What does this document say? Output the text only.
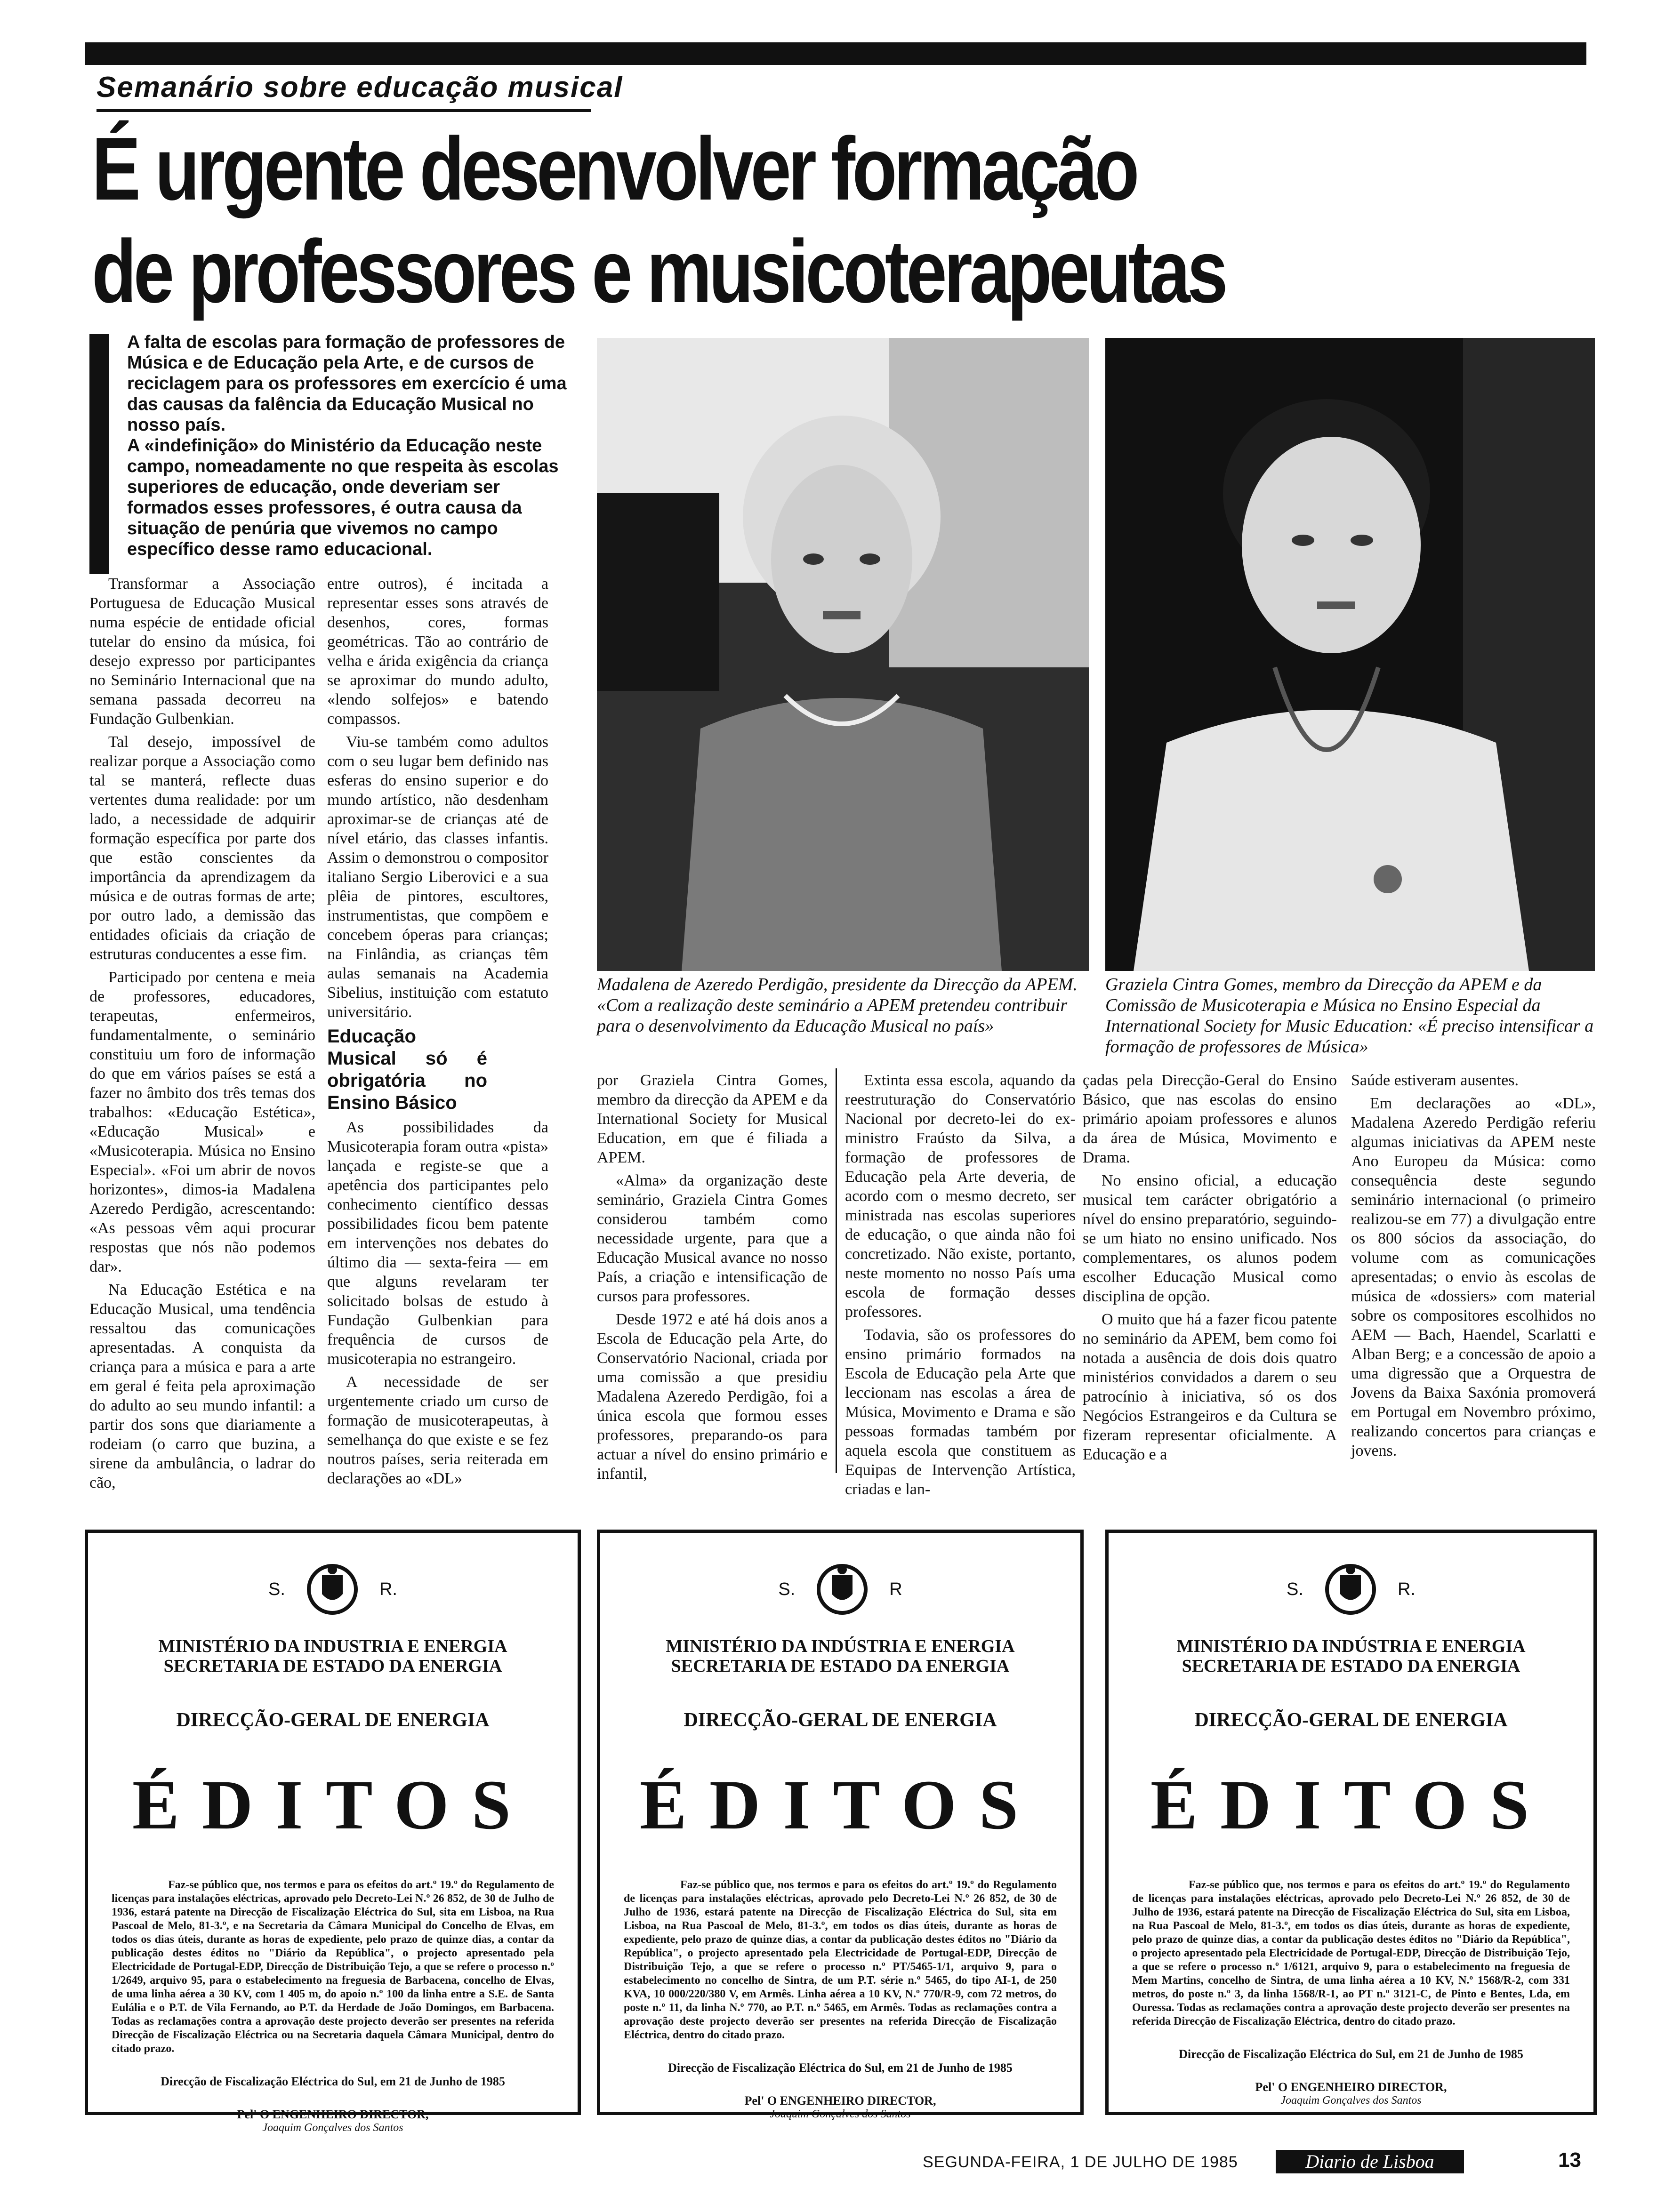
Semanário sobre educação musical
É urgente desenvolver formação
de professores e musicoterapeutas

A falta de escolas para formação de professores de Música e de Educação pela Arte, e de cursos de reciclagem para os professores em exercício é uma das causas da falência da Educação Musical no nosso país.

A «indefinição» do Ministério da Educação neste campo, nomeadamente no que respeita às escolas superiores de educação, onde deveriam ser formados esses professores, é outra causa da situação de penúria que vivemos no campo específico desse ramo educacional.

Transformar a Associação Portuguesa de Educação Musical numa espécie de entidade oficial tutelar do ensino da música, foi desejo expresso por participantes no Seminário Internacional que na semana passada decorreu na Fundação Gulbenkian.

Tal desejo, impossível de realizar porque a Associação como tal se manterá, reflecte duas vertentes duma realidade: por um lado, a necessidade de adquirir formação específica por parte dos que estão conscientes da importância da aprendizagem da música e de outras formas de arte; por outro lado, a demissão das entidades oficiais da criação de estruturas conducentes a esse fim.

Participado por centena e meia de professores, educadores, terapeutas, enfermeiros, fundamentalmente, o seminário constituiu um foro de informação do que em vários países se está a fazer no âmbito dos três temas dos trabalhos: «Educação Estética», «Educação Musical» e «Musicoterapia. Música no Ensino Especial». «Foi um abrir de novos horizontes», dimos-ia Madalena Azeredo Perdigão, acrescentando: «As pessoas vêm aqui procurar respostas que nós não podemos dar».

Na Educação Estética e na Educação Musical, uma tendência ressaltou das comunicações apresentadas. A conquista da criança para a música e para a arte em geral é feita pela aproximação do adulto ao seu mundo infantil: a partir dos sons que diariamente a rodeiam (o carro que buzina, a sirene da ambulância, o ladrar do cão,

entre outros), é incitada a representar esses sons através de desenhos, cores, formas geométricas. Tão ao contrário de velha e árida exigência da criança se aproximar do mundo adulto, «lendo solfejos» e batendo compassos.

Viu-se também como adultos com o seu lugar bem definido nas esferas do ensino superior e do mundo artístico, não desdenham aproximar-se de crianças até de nível etário, das classes infantis. Assim o demonstrou o compositor italiano Sergio Liberovici e a sua plêia de pintores, escultores, instrumentistas, que compõem e concebem óperas para crianças; na Finlândia, as crianças têm aulas semanais na Academia Sibelius, instituição com estatuto universitário.

Educação Musical só é obrigatória no Ensino Básico

As possibilidades da Musicoterapia foram outra «pista» lançada e registe-se que a apetência dos participantes pelo conhecimento científico dessas possibilidades ficou bem patente em intervenções nos debates do último dia — sexta-feira — em que alguns revelaram ter solicitado bolsas de estudo à Fundação Gulbenkian para frequência de cursos de musicoterapia no estrangeiro.

A necessidade de ser urgentemente criado um curso de formação de musicoterapeutas, à semelhança do que existe e se fez noutros países, seria reiterada em declarações ao «DL»

Madalena de Azeredo Perdigão, presidente da Direcção da APEM. «Com a realização deste seminário a APEM pretendeu contribuir para o desenvolvimento da Educação Musical no país»
Graziela Cintra Gomes, membro da Direcção da APEM e da Comissão de Musicoterapia e Música no Ensino Especial da International Society for Music Education: «É preciso intensificar a formação de professores de Música»

por Graziela Cintra Gomes, membro da direcção da APEM e da International Society for Musical Education, em que é filiada a APEM.

«Alma» da organização deste seminário, Graziela Cintra Gomes considerou também como necessidade urgente, para que a Educação Musical avance no nosso País, a criação e intensificação de cursos para professores.

Desde 1972 e até há dois anos a Escola de Educação pela Arte, do Conservatório Nacional, criada por uma comissão a que presidiu Madalena Azeredo Perdigão, foi a única escola que formou esses professores, preparando-os para actuar a nível do ensino primário e infantil,

Extinta essa escola, aquando da reestruturação do Conservatório Nacional por decreto-lei do ex-ministro Fraústo da Silva, a formação de professores de Educação pela Arte deveria, de acordo com o mesmo decreto, ser ministrada nas escolas superiores de educação, o que ainda não foi concretizado. Não existe, portanto, neste momento no nosso País uma escola de formação desses professores.

Todavia, são os professores do ensino primário formados na Escola de Educação pela Arte que leccionam nas escolas a área de Música, Movimento e Drama e são pessoas formadas também por aquela escola que constituem as Equipas de Intervenção Artística, criadas e lan-

çadas pela Direcção-Geral do Ensino Básico, que nas escolas do ensino primário apoiam professores e alunos da área de Música, Movimento e Drama.

No ensino oficial, a educação musical tem carácter obrigatório a nível do ensino preparatório, seguindo-se um hiato no ensino unificado. Nos complementares, os alunos podem escolher Educação Musical como disciplina de opção.

O muito que há a fazer ficou patente no seminário da APEM, bem como foi notada a ausência de dois dois quatro ministérios convidados a darem o seu patrocínio à iniciativa, só os dos Negócios Estrangeiros e da Cultura se fizeram representar oficialmente. A Educação e a

Saúde estiveram ausentes.

Em declarações ao «DL», Madalena Azeredo Perdigão referiu algumas iniciativas da APEM neste Ano Europeu da Música: como consequência deste segundo seminário internacional (o primeiro realizou-se em 77) a divulgação entre os 800 sócios da associação, do volume com as comunicações apresentadas; o envio às escolas de música de «dossiers» com material sobre os compositores escolhidos no AEM — Bach, Haendel, Scarlatti e Alban Berg; e a concessão de apoio a uma digressão que a Orquestra de Jovens da Baixa Saxónia promoverá em Portugal em Novembro próximo, realizando concertos para crianças e jovens.

S.	R.
MINISTÉRIO DA INDUSTRIA E ENERGIA
SECRETARIA DE ESTADO DA ENERGIA
DIRECÇÃO-GERAL DE ENERGIA
ÉDITOS
Faz-se público que, nos termos e para os efeitos do art.º 19.º do Regulamento de licenças para instalações eléctricas, aprovado pelo Decreto-Lei N.º 26 852, de 30 de Julho de 1936, estará patente na Direcção de Fiscalização Eléctrica do Sul, sita em Lisboa, na Rua Pascoal de Melo, 81-3.º, e na Secretaria da Câmara Municipal do Concelho de Elvas, em todos os dias úteis, durante as horas de expediente, pelo prazo de quinze dias, a contar da publicação destes éditos no "Diário da República", o projecto apresentado pela Electricidade de Portugal-EDP, Direcção de Distribuição Tejo, a que se refere o processo n.º 1/2649, arquivo 95, para o estabelecimento na freguesia de Barbacena, concelho de Elvas, de uma linha aérea a 30 KV, com 1 405 m, do apoio n.º 100 da linha entre a S.E. de Santa Eulália e o P.T. de Vila Fernando, ao P.T. da Herdade de João Domingos, em Barbacena. Todas as reclamações contra a aprovação deste projecto deverão ser presentes na referida Direcção de Fiscalização Eléctrica ou na Secretaria daquela Câmara Municipal, dentro do citado prazo.
Direcção de Fiscalização Eléctrica do Sul, em 21 de Junho de 1985
Pel' O ENGENHEIRO DIRECTOR,
Joaquim Gonçalves dos Santos
S.	R
MINISTÉRIO DA INDÚSTRIA E ENERGIA
SECRETARIA DE ESTADO DA ENERGIA
DIRECÇÃO-GERAL DE ENERGIA
ÉDITOS
Faz-se público que, nos termos e para os efeitos do art.º 19.º do Regulamento de licenças para instalações eléctricas, aprovado pelo Decreto-Lei N.º 26 852, de 30 de Julho de 1936, estará patente na Direcção de Fiscalização Eléctrica do Sul, sita em Lisboa, na Rua Pascoal de Melo, 81-3.º, em todos os dias úteis, durante as horas de expediente, pelo prazo de quinze dias, a contar da publicação destes éditos no "Diário da República", o projecto apresentado pela Electricidade de Portugal-EDP, Direcção de Distribuição Tejo, a que se refere o processo n.º PT/5465-1/1, arquivo 9, para o estabelecimento no concelho de Sintra, de um P.T. série n.º 5465, do tipo AI-1, de 250 KVA, 10 000/220/380 V, em Armês. Linha aérea a 10 KV, N.º 770/R-9, com 72 metros, do poste n.º 11, da linha N.º 770, ao P.T. n.º 5465, em Armês. Todas as reclamações contra a aprovação deste projecto deverão ser presentes na referida Direcção de Fiscalização Eléctrica, dentro do citado prazo.
Direcção de Fiscalização Eléctrica do Sul, em 21 de Junho de 1985
Pel' O ENGENHEIRO DIRECTOR,
Joaquim Gonçalves dos Santos
S.	R.
MINISTÉRIO DA INDÚSTRIA E ENERGIA
SECRETARIA DE ESTADO DA ENERGIA
DIRECÇÃO-GERAL DE ENERGIA
ÉDITOS
Faz-se público que, nos termos e para os efeitos do art.º 19.º do Regulamento de licenças para instalações eléctricas, aprovado pelo Decreto-Lei N.º 26 852, de 30 de Julho de 1936, estará patente na Direcção de Fiscalização Eléctrica do Sul, sita em Lisboa, na Rua Pascoal de Melo, 81-3.º, em todos os dias úteis, durante as horas de expediente, pelo prazo de quinze dias, a contar da publicação destes éditos no "Diário da República", o projecto apresentado pela Electricidade de Portugal-EDP, Direcção de Distribuição Tejo, a que se refere o processo n.º 1/6121, arquivo 9, para o estabelecimento na freguesia de Mem Martins, concelho de Sintra, de uma linha aérea a 10 KV, N.º 1568/R-2, com 331 metros, do poste n.º 3, da linha 1568/R-1, ao PT n.º 3121-C, de Pinto e Bentes, Lda, em Ouressa. Todas as reclamações contra a aprovação deste projecto deverão ser presentes na referida Direcção de Fiscalização Eléctrica, dentro do citado prazo.
Direcção de Fiscalização Eléctrica do Sul, em 21 de Junho de 1985
Pel' O ENGENHEIRO DIRECTOR,
Joaquim Gonçalves dos Santos
SEGUNDA-FEIRA, 1 DE JULHO DE 1985	Diario de Lisboa	13
